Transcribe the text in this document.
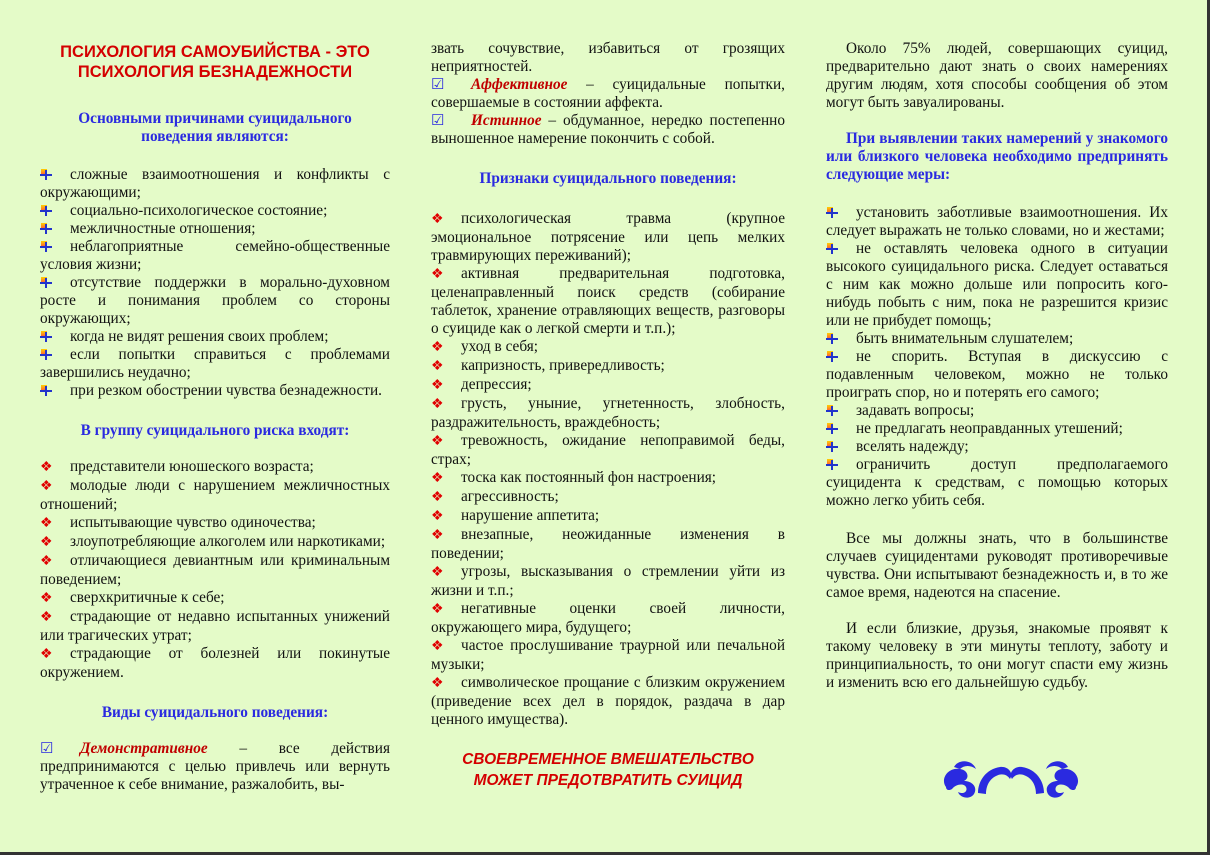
ПСИХОЛОГИЯ САМОУБИЙСТВА - ЭТО ПСИХОЛОГИЯ БЕЗНАДЕЖНОСТИ
Основными причинами суицидального поведения являются:
сложные взаимоотношения и конфликты с окружающими;
социально-психологическое состояние;
межличностные отношения;
неблагоприятные семейно-общественные условия жизни;
отсутствие поддержки в морально-духовном росте и понимания проблем со стороны окружающих;
когда не видят решения своих проблем;
если попытки справиться с проблемами завершились неудачно;
при резком обострении чувства безнадежности.
В группу суицидального риска входят:
❖ представители юношеского возраста;
❖ молодые люди с нарушением межличностных отношений;
❖ испытывающие чувство одиночества;
❖ злоупотребляющие алкоголем или наркотиками;
❖ отличающиеся девиантным или криминальным поведением;
❖ сверхкритичные к себе;
❖ страдающие от недавно испытанных унижений или трагических утрат;
❖ страдающие от болезней или покинутые окружением.
Виды суицидального поведения:
☑ Демонстративное – все действия предпринимаются с целью привлечь или вернуть утраченное к себе внимание, разжалобить, вы-

звать сочувствие, избавиться от грозящих неприятностей.

☑ Аффективное – суицидальные попытки, совершаемые в состоянии аффекта.
☑ Истинное – обдуманное, нередко постепенно выношенное намерение покончить с собой.
Признаки суицидального поведения:
❖ психологическая травма (крупное эмоциональное потрясение или цепь мелких травмирующих переживаний);
❖ активная предварительная подготовка, целенаправленный поиск средств (собирание таблеток, хранение отравляющих веществ, разговоры о суициде как о легкой смерти и т.п.);
❖ уход в себя;
❖ капризность, привередливость;
❖ депрессия;
❖ грусть, уныние, угнетенность, злобность, раздражительность, враждебность;
❖ тревожность, ожидание непоправимой беды, страх;
❖ тоска как постоянный фон настроения;
❖ агрессивность;
❖ нарушение аппетита;
❖ внезапные, неожиданные изменения в поведении;
❖ угрозы, высказывания о стремлении уйти из жизни и т.п.;
❖ негативные оценки своей личности, окружающего мира, будущего;
❖ частое прослушивание траурной или печальной музыки;
❖ символическое прощание с близким окружением (приведение всех дел в порядок, раздача в дар ценного имущества).
СВОЕВРЕМЕННОЕ ВМЕШАТЕЛЬСТВО МОЖЕТ ПРЕДОТВРАТИТЬ СУИЦИД

Около 75% людей, совершающих суицид, предварительно дают знать о своих намерениях другим людям, хотя способы сообщения об этом могут быть завуалированы.

При выявлении таких намерений у знакомого или близкого человека необходимо предпринять следующие меры:
установить заботливые взаимоотношения. Их следует выражать не только словами, но и жестами;
не оставлять человека одного в ситуации высокого суицидального риска. Следует оставаться с ним как можно дольше или попросить кого-нибудь побыть с ним, пока не разрешится кризис или не прибудет помощь;
быть внимательным слушателем;
не спорить. Вступая в дискуссию с подавленным человеком, можно не только проиграть спор, но и потерять его самого;
задавать вопросы;
не предлагать неоправданных утешений;
вселять надежду;
ограничить доступ предполагаемого суицидента к средствам, с помощью которых можно легко убить себя.

Все мы должны знать, что в большинстве случаев суицидентами руководят противоречивые чувства. Они испытывают безнадежность и, в то же самое время, надеются на спасение.

И если близкие, друзья, знакомые проявят к такому человеку в эти минуты теплоту, заботу и принципиальность, то они могут спасти ему жизнь и изменить всю его дальнейшую судьбу.
